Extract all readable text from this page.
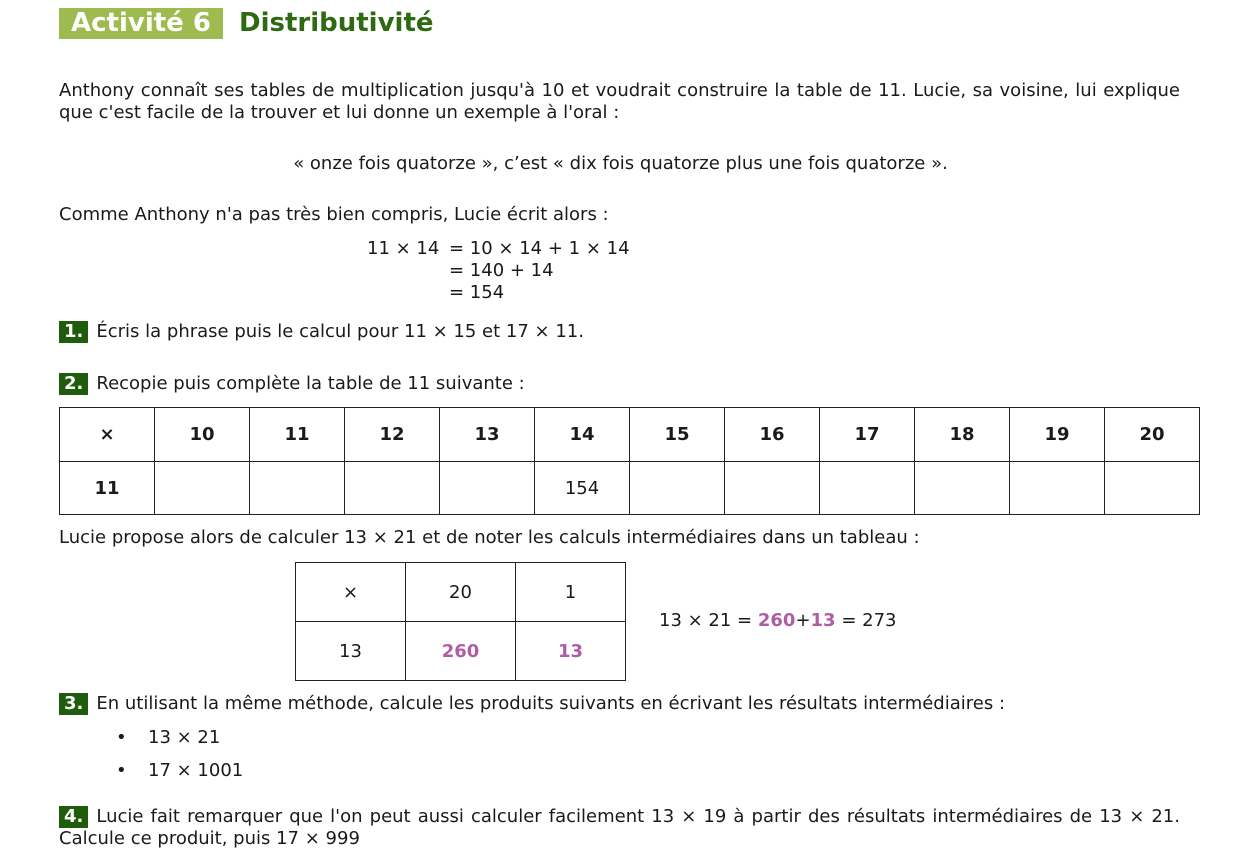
Activité 6	Distributivité
Anthony connaît ses tables de multiplication jusqu'à 10 et voudrait construire la table de 11. Lucie, sa voisine, lui explique que c'est facile de la trouver et lui donne un exemple à l'oral :
« onze fois quatorze », c’est « dix fois quatorze plus une fois quatorze ».
Comme Anthony n'a pas très bien compris, Lucie écrit alors :
11 × 14 = 10 × 14 + 1 × 14
= 140 + 14
= 154
1. Écris la phrase puis le calcul pour 11 × 15 et 17 × 11.
2. Recopie puis complète la table de 11 suivante :
×	10	11	12	13	14	15	16	17	18	19	20
11					154						
Lucie propose alors de calculer 13 × 21 et de noter les calculs intermédiaires dans un tableau :
×	20	1
13	260	13
13 × 21 = 260+13 = 273
3. En utilisant la même méthode, calcule les produits suivants en écrivant les résultats intermédiaires :
• 13 × 21
• 17 × 1001
4. Lucie fait remarquer que l'on peut aussi calculer facilement 13 × 19 à partir des résultats intermédiaires de 13 × 21. Calcule ce produit, puis 17 × 999
